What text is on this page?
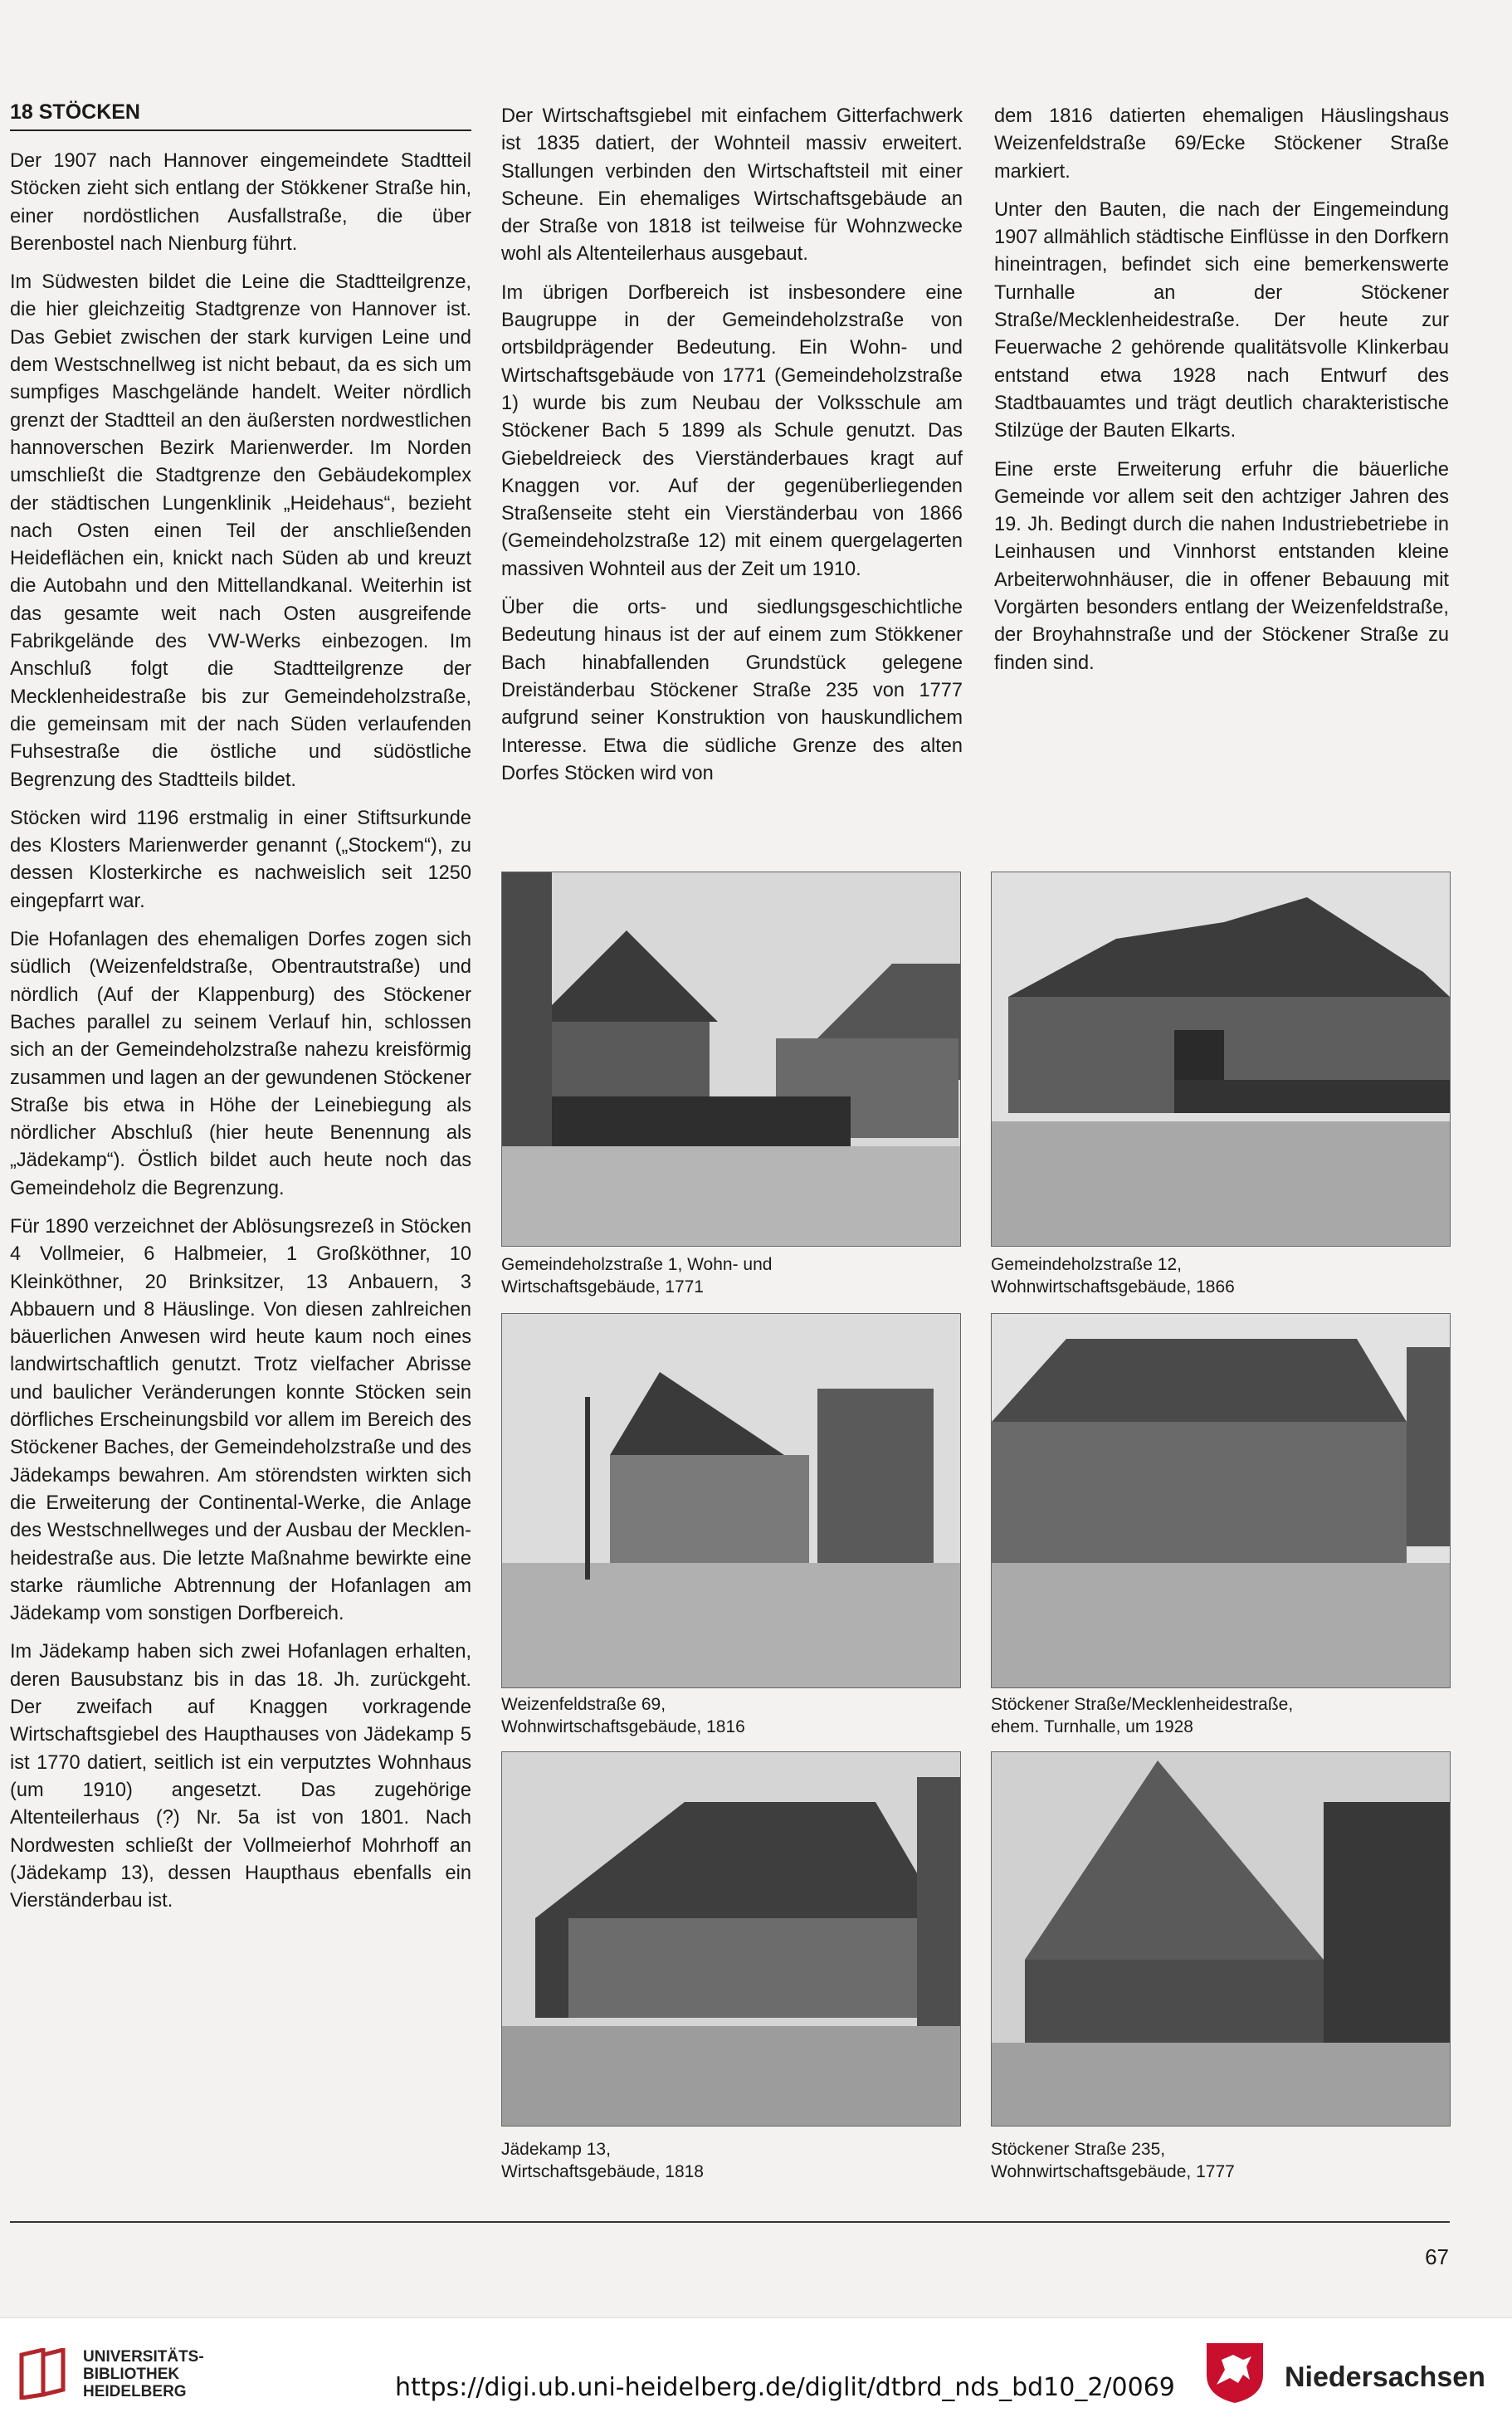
18 STÖCKEN

Der 1907 nach Hannover eingemeindete Stadtteil Stöcken zieht sich entlang der Stökkener Straße hin, einer nordöstlichen Ausfallstraße, die über Berenbostel nach Nienburg führt.

Im Südwesten bildet die Leine die Stadtteilgrenze, die hier gleichzeitig Stadtgrenze von Hannover ist. Das Gebiet zwischen der stark kurvigen Leine und dem Westschnellweg ist nicht bebaut, da es sich um sumpfiges Maschgelände handelt. Weiter nördlich grenzt der Stadtteil an den äußersten nordwestlichen hannoverschen Bezirk Marienwerder. Im Norden umschließt die Stadtgrenze den Gebäudekomplex der städtischen Lungenklinik „Heidehaus“, bezieht nach Osten einen Teil der anschließenden Heideflächen ein, knickt nach Süden ab und kreuzt die Autobahn und den Mittellandkanal. Weiterhin ist das gesamte weit nach Osten ausgreifende Fabrikgelände des VW-Werks einbezogen. Im Anschluß folgt die Stadtteilgrenze der Mecklenheidestraße bis zur Gemeindeholzstraße, die gemeinsam mit der nach Süden verlaufenden Fuhsestraße die östliche und südöstliche Begrenzung des Stadtteils bildet.

Stöcken wird 1196 erstmalig in einer Stiftsurkunde des Klosters Marienwerder genannt („Stockem“), zu dessen Klosterkirche es nachweislich seit 1250 eingepfarrt war.

Die Hofanlagen des ehemaligen Dorfes zogen sich südlich (Weizenfeldstraße, Obentrautstraße) und nördlich (Auf der Klappenburg) des Stöckener Baches parallel zu seinem Verlauf hin, schlossen sich an der Gemeindeholzstraße nahezu kreisförmig zusammen und lagen an der gewundenen Stöckener Straße bis etwa in Höhe der Leinebiegung als nördlicher Abschluß (hier heute Benennung als „Jädekamp“). Östlich bildet auch heute noch das Gemeindeholz die Begrenzung.

Für 1890 verzeichnet der Ablösungsrezeß in Stöcken 4 Vollmeier, 6 Halbmeier, 1 Großköthner, 10 Kleinköthner, 20 Brinksitzer, 13 Anbauern, 3 Abbauern und 8 Häuslinge. Von diesen zahlreichen bäuerlichen Anwesen wird heute kaum noch eines landwirtschaftlich genutzt. Trotz vielfacher Abrisse und baulicher Veränderungen konnte Stöcken sein dörfliches Erscheinungsbild vor allem im Bereich des Stöckener Baches, der Gemeindeholzstraße und des Jädekamps bewahren. Am störendsten wirkten sich die Erweiterung der Continental-Werke, die Anlage des Westschnellweges und der Ausbau der Mecklenheidestraße aus. Die letzte Maßnahme bewirkte eine starke räumliche Abtrennung der Hofanlagen am Jädekamp vom sonstigen Dorfbereich.

Im Jädekamp haben sich zwei Hofanlagen erhalten, deren Bausubstanz bis in das 18. Jh. zurückgeht. Der zweifach auf Knaggen vorkragende Wirtschaftsgiebel des Haupthauses von Jädekamp 5 ist 1770 datiert, seitlich ist ein verputztes Wohnhaus (um 1910) angesetzt. Das zugehörige Altenteilerhaus (?) Nr. 5a ist von 1801. Nach Nordwesten schließt der Vollmeierhof Mohrhoff an (Jädekamp 13), dessen Haupthaus ebenfalls ein Vierständerbau ist.

Der Wirtschaftsgiebel mit einfachem Gitterfachwerk ist 1835 datiert, der Wohnteil massiv erweitert. Stallungen verbinden den Wirtschaftsteil mit einer Scheune. Ein ehemaliges Wirtschaftsgebäude an der Straße von 1818 ist teilweise für Wohnzwecke wohl als Altenteilerhaus ausgebaut.

Im übrigen Dorfbereich ist insbesondere eine Baugruppe in der Gemeindeholzstraße von ortsbildprägender Bedeutung. Ein Wohn- und Wirtschaftsgebäude von 1771 (Gemeindeholzstraße 1) wurde bis zum Neubau der Volksschule am Stöckener Bach 5 1899 als Schule genutzt. Das Giebeldreieck des Vierständerbaues kragt auf Knaggen vor. Auf der gegenüberliegenden Straßenseite steht ein Vierständerbau von 1866 (Gemeindeholzstraße 12) mit einem quergelagerten massiven Wohnteil aus der Zeit um 1910.

Über die orts- und siedlungsgeschichtliche Bedeutung hinaus ist der auf einem zum Stökkener Bach hinabfallenden Grundstück gelegene Dreiständerbau Stöckener Straße 235 von 1777 aufgrund seiner Konstruktion von hauskundlichem Interesse. Etwa die südliche Grenze des alten Dorfes Stöcken wird von

dem 1816 datierten ehemaligen Häuslingshaus Weizenfeldstraße 69/Ecke Stöckener Straße markiert.

Unter den Bauten, die nach der Eingemeindung 1907 allmählich städtische Einflüsse in den Dorfkern hineintragen, befindet sich eine bemerkenswerte Turnhalle an der Stöckener Straße/Mecklenheidestraße. Der heute zur Feuerwache 2 gehörende qualitätsvolle Klinkerbau entstand etwa 1928 nach Entwurf des Stadtbauamtes und trägt deutlich charakteristische Stilzüge der Bauten Elkarts.

Eine erste Erweiterung erfuhr die bäuerliche Gemeinde vor allem seit den achtziger Jahren des 19. Jh. Bedingt durch die nahen Industriebetriebe in Leinhausen und Vinnhorst entstanden kleine Arbeiterwohnhäuser, die in offener Bebauung mit Vorgärten besonders entlang der Weizenfeldstraße, der Broyhahnstraße und der Stöckener Straße zu finden sind.

Gemeindeholzstraße 1, Wohn- und
Wirtschaftsgebäude, 1771
Gemeindeholzstraße 12,
Wohnwirtschaftsgebäude, 1866
Weizenfeldstraße 69,
Wohnwirtschaftsgebäude, 1816
Stöckener Straße/Mecklenheidestraße,
ehem. Turnhalle, um 1928
Jädekamp 13,
Wirtschaftsgebäude, 1818
Stöckener Straße 235,
Wohnwirtschaftsgebäude, 1777
67
UNIVERSITÄTS-
BIBLIOTHEK
HEIDELBERG	https://digi.ub.uni-heidelberg.de/diglit/dtbrd_nds_bd10_2/0069	Niedersachsen
